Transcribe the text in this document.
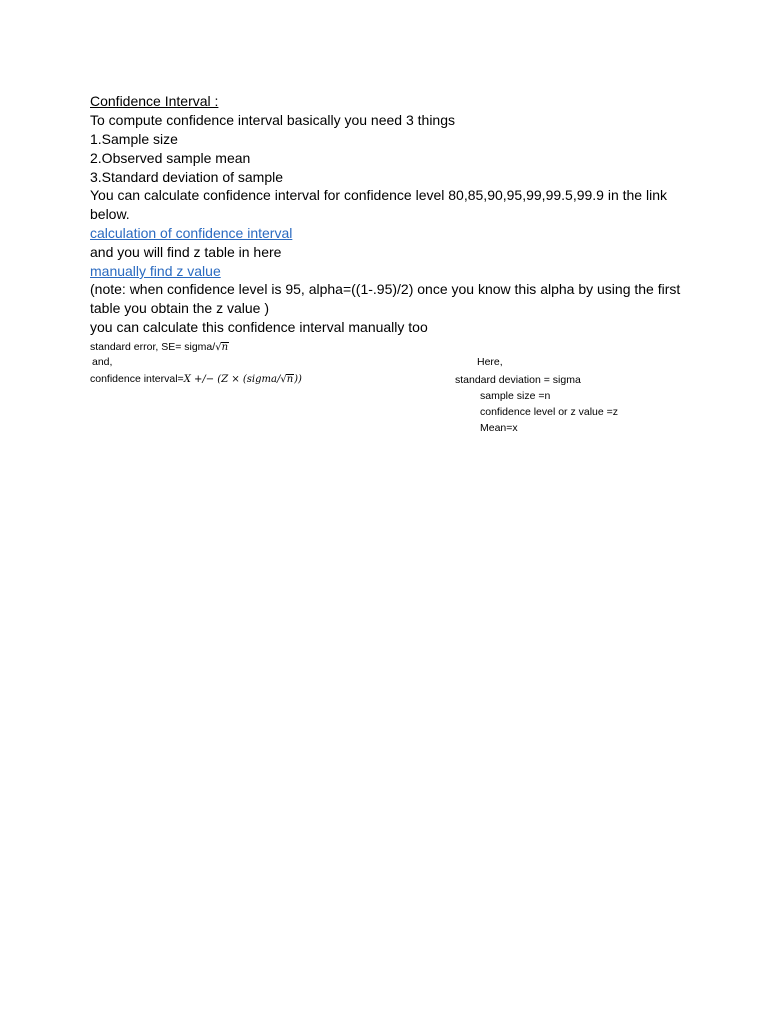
Confidence Interval :
To compute confidence interval basically you need 3 things
1.Sample size
2.Observed sample mean
3.Standard deviation of sample
You can calculate confidence interval for confidence level 80,85,90,95,99,99.5,99.9 in the link
below.
calculation of confidence interval
and you will find z table in here
manually find z value
(note: when confidence level is 95, alpha=((1-.95)/2) once you know this alpha by using the first
table you obtain the z value )
you can calculate this confidence interval manually too
standard error, SE= sigma/√n
and,
confidence interval=X +/− (Z × (sigma/√n))
Here,
standard deviation = sigma
sample size =n
confidence level or z value =z
Mean=x
